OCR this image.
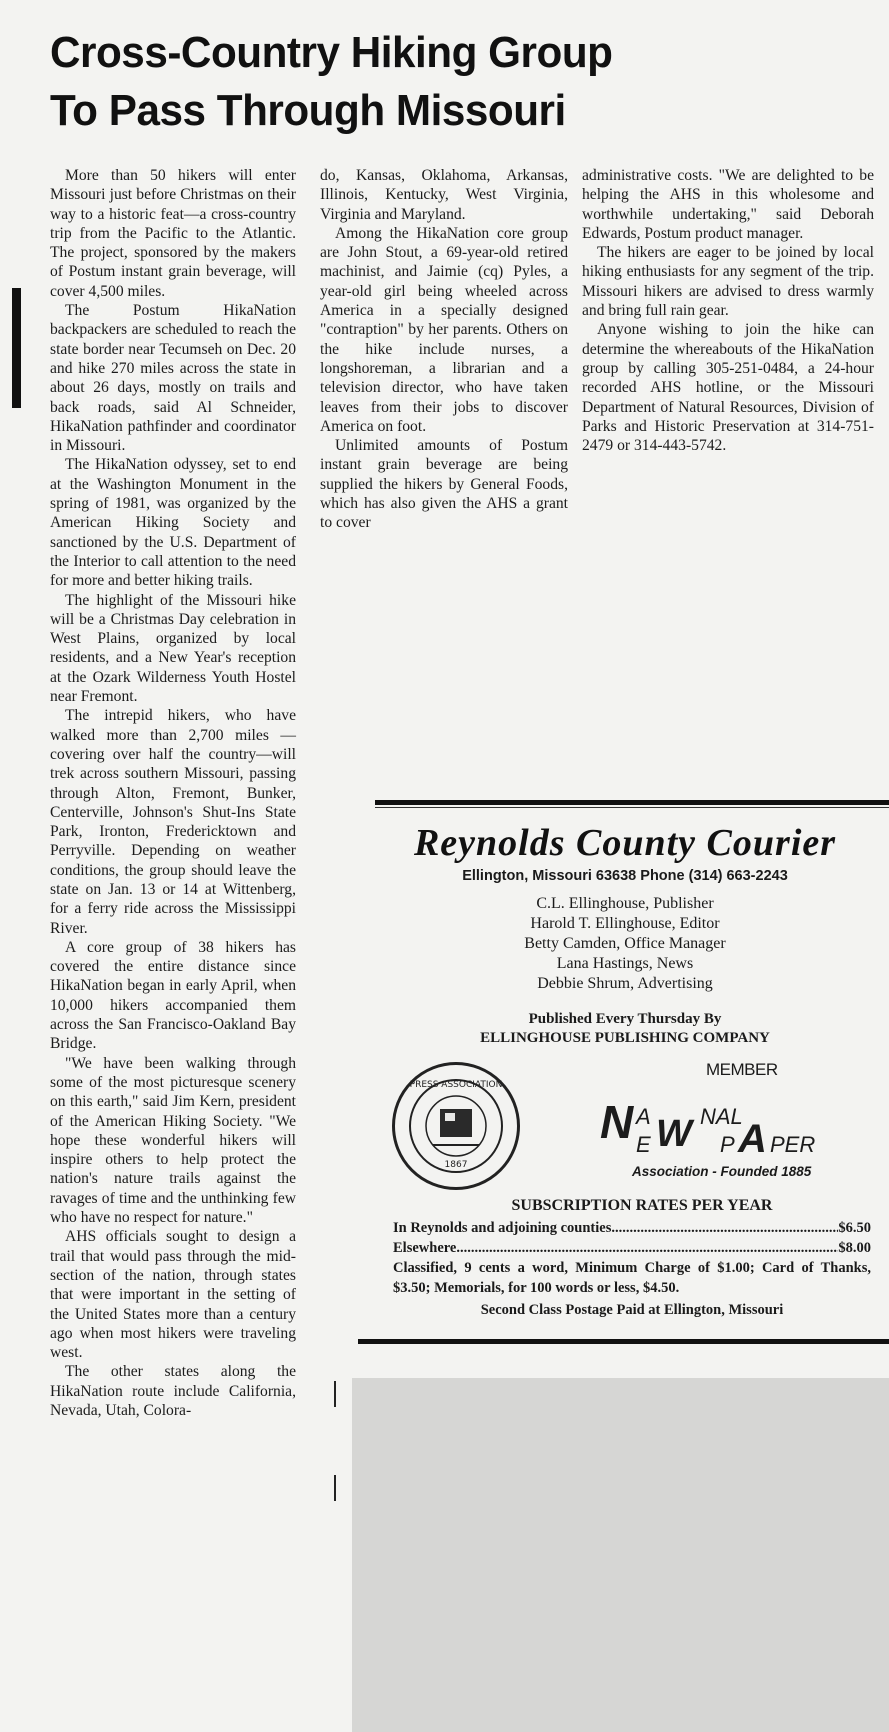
Cross-Country Hiking Group
To Pass Through Missouri

More than 50 hikers will enter Missouri just before Christmas on their way to a historic feat—a cross-country trip from the Pacific to the Atlantic. The project, sponsored by the makers of Postum instant grain beverage, will cover 4,500 miles.

The Postum HikaNation backpackers are scheduled to reach the state border near Tecumseh on Dec. 20 and hike 270 miles across the state in about 26 days, mostly on trails and back roads, said Al Schneider, HikaNation pathfinder and coordinator in Missouri.

The HikaNation odyssey, set to end at the Washington Monument in the spring of 1981, was organized by the American Hiking Society and sanctioned by the U.S. Department of the Interior to call attention to the need for more and better hiking trails.

The highlight of the Missouri hike will be a Christmas Day celebration in West Plains, organized by local residents, and a New Year's reception at the Ozark Wilderness Youth Hostel near Fremont.

The intrepid hikers, who have walked more than 2,700 miles — covering over half the country—will trek across southern Missouri, passing through Alton, Fremont, Bunker, Centerville, Johnson's Shut-Ins State Park, Ironton, Fredericktown and Perryville. Depending on weather conditions, the group should leave the state on Jan. 13 or 14 at Wittenberg, for a ferry ride across the Mississippi River.

A core group of 38 hikers has covered the entire distance since HikaNation began in early April, when 10,000 hikers accompanied them across the San Francisco-Oakland Bay Bridge.

"We have been walking through some of the most picturesque scenery on this earth," said Jim Kern, president of the American Hiking Society. "We hope these wonderful hikers will inspire others to help protect the nation's nature trails against the ravages of time and the unthinking few who have no respect for nature."

AHS officials sought to design a trail that would pass through the mid-section of the nation, through states that were important in the setting of the United States more than a century ago when most hikers were traveling west.

The other states along the HikaNation route include California, Nevada, Utah, Colora-

do, Kansas, Oklahoma, Arkansas, Illinois, Kentucky, West Virginia, Virginia and Maryland.

Among the HikaNation core group are John Stout, a 69-year-old retired machinist, and Jaimie (cq) Pyles, a year-old girl being wheeled across America in a specially designed "contraption" by her parents. Others on the hike include nurses, a longshoreman, a librarian and a television director, who have taken leaves from their jobs to discover America on foot.

Unlimited amounts of Postum instant grain beverage are being supplied the hikers by General Foods, which has also given the AHS a grant to cover

administrative costs. "We are delighted to be helping the AHS in this wholesome and worthwhile undertaking," said Deborah Edwards, Postum product manager.

The hikers are eager to be joined by local hiking enthusiasts for any segment of the trip. Missouri hikers are advised to dress warmly and bring full rain gear.

Anyone wishing to join the hike can determine the whereabouts of the HikaNation group by calling 305-251-0484, a 24-hour recorded AHS hotline, or the Missouri Department of Natural Resources, Division of Parks and Historic Preservation at 314-751-2479 or 314-443-5742.

Reynolds County Courier
Ellington, Missouri 63638 Phone (314) 663-2243
C.L. Ellinghouse, Publisher
Harold T. Ellinghouse, Editor
Betty Camden, Office Manager
Lana Hastings, News
Debbie Shrum, Advertising
Published Every Thursday By
ELLINGHOUSE PUBLISHING COMPANY
PRESS ASSOCIATION
1867
MEMBER
N A
E W NAL
P A PER
Association - Founded 1885
SUBSCRIPTION RATES PER YEAR
In Reynolds and adjoining counties .....	$6.50
Elsewhere .....	$8.00
Classified, 9 cents a word, Minimum Charge of $1.00; Card of Thanks, $3.50; Memorials, for 100 words or less, $4.50.
Second Class Postage Paid at Ellington, Missouri
